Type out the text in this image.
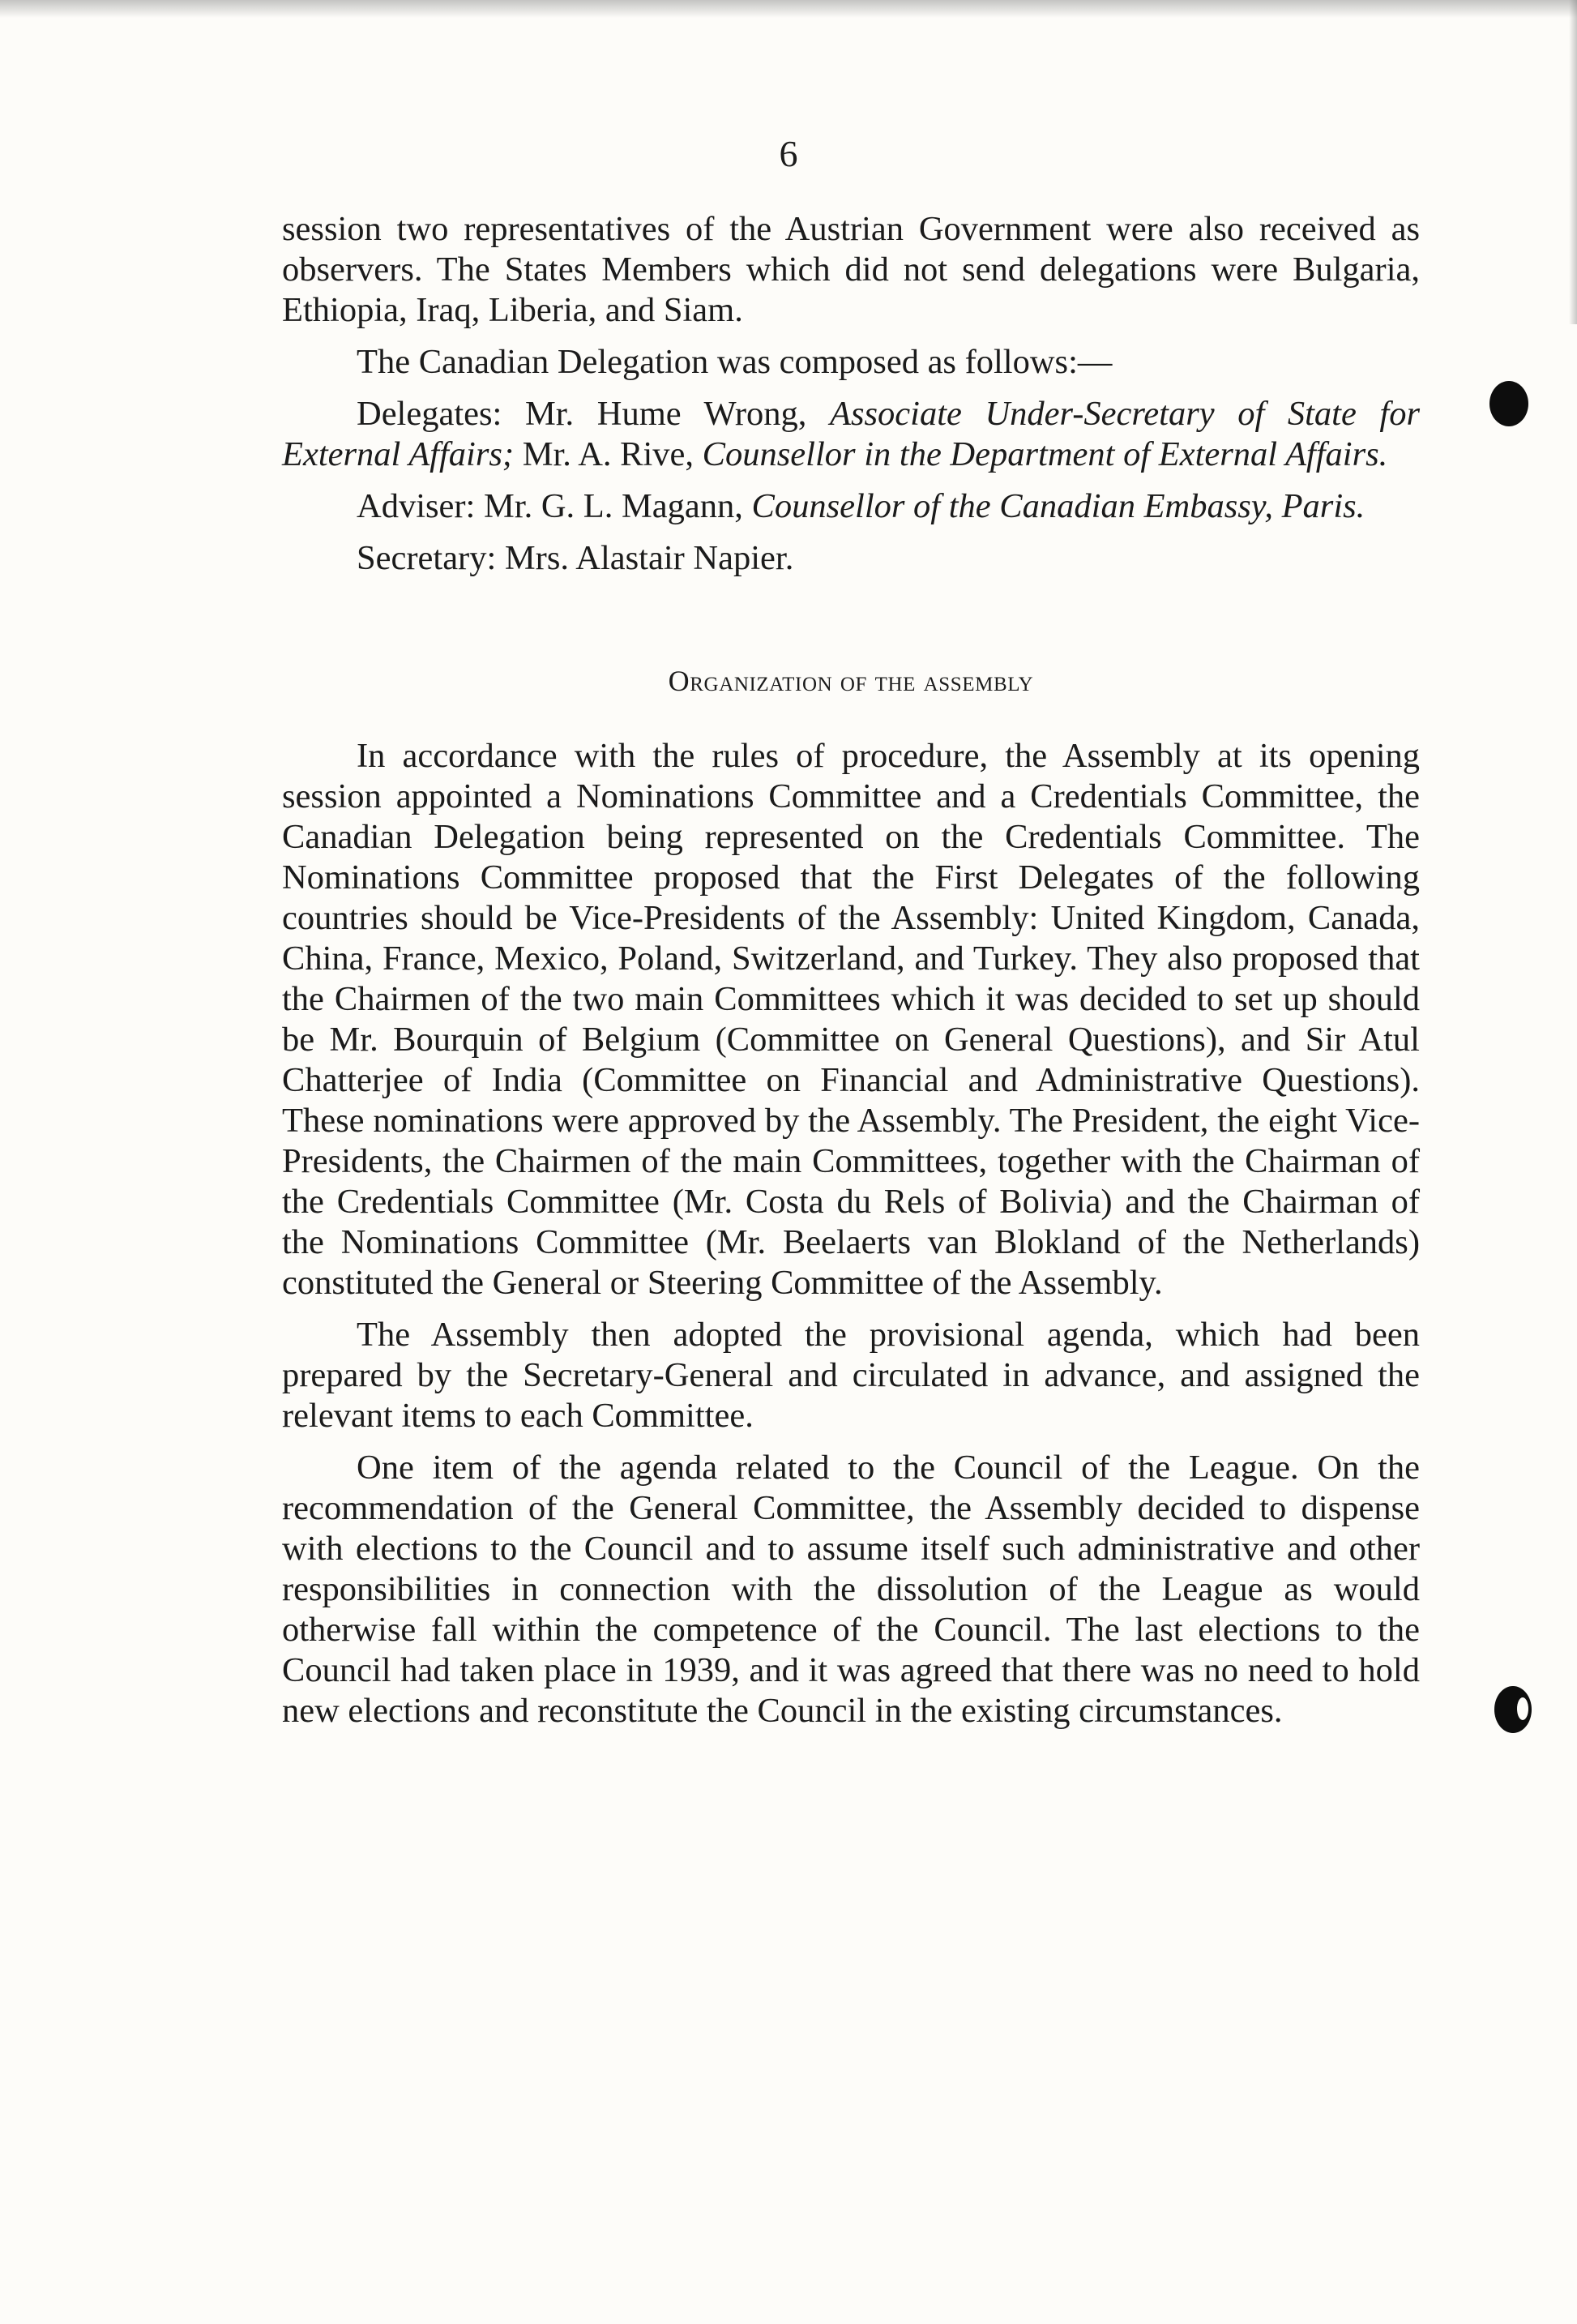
6

session two representatives of the Austrian Government were also received as observers. The States Members which did not send delegations were Bulgaria, Ethiopia, Iraq, Liberia, and Siam.

The Canadian Delegation was composed as follows:—

Delegates: Mr. Hume Wrong, Associate Under-Secretary of State for External Affairs; Mr. A. Rive, Counsellor in the Department of External Affairs.

Adviser: Mr. G. L. Magann, Counsellor of the Canadian Embassy, Paris.

Secretary: Mrs. Alastair Napier.

Organization of the assembly

In accordance with the rules of procedure, the Assembly at its opening session appointed a Nominations Committee and a Credentials Committee, the Canadian Delegation being represented on the Credentials Committee. The Nominations Committee proposed that the First Delegates of the following countries should be Vice-Presidents of the Assembly: United Kingdom, Canada, China, France, Mexico, Poland, Switzerland, and Turkey. They also proposed that the Chairmen of the two main Committees which it was decided to set up should be Mr. Bourquin of Belgium (Committee on General Questions), and Sir Atul Chatterjee of India (Committee on Financial and Administrative Questions). These nominations were approved by the Assembly. The President, the eight Vice-Presidents, the Chairmen of the main Committees, together with the Chairman of the Credentials Committee (Mr. Costa du Rels of Bolivia) and the Chairman of the Nominations Committee (Mr. Beelaerts van Blokland of the Netherlands) constituted the General or Steering Committee of the Assembly.

The Assembly then adopted the provisional agenda, which had been prepared by the Secretary-General and circulated in advance, and assigned the relevant items to each Committee.

One item of the agenda related to the Council of the League. On the recommendation of the General Committee, the Assembly decided to dispense with elections to the Council and to assume itself such administrative and other responsibilities in connection with the dissolution of the League as would otherwise fall within the competence of the Council. The last elections to the Council had taken place in 1939, and it was agreed that there was no need to hold new elections and reconstitute the Council in the existing circumstances.
